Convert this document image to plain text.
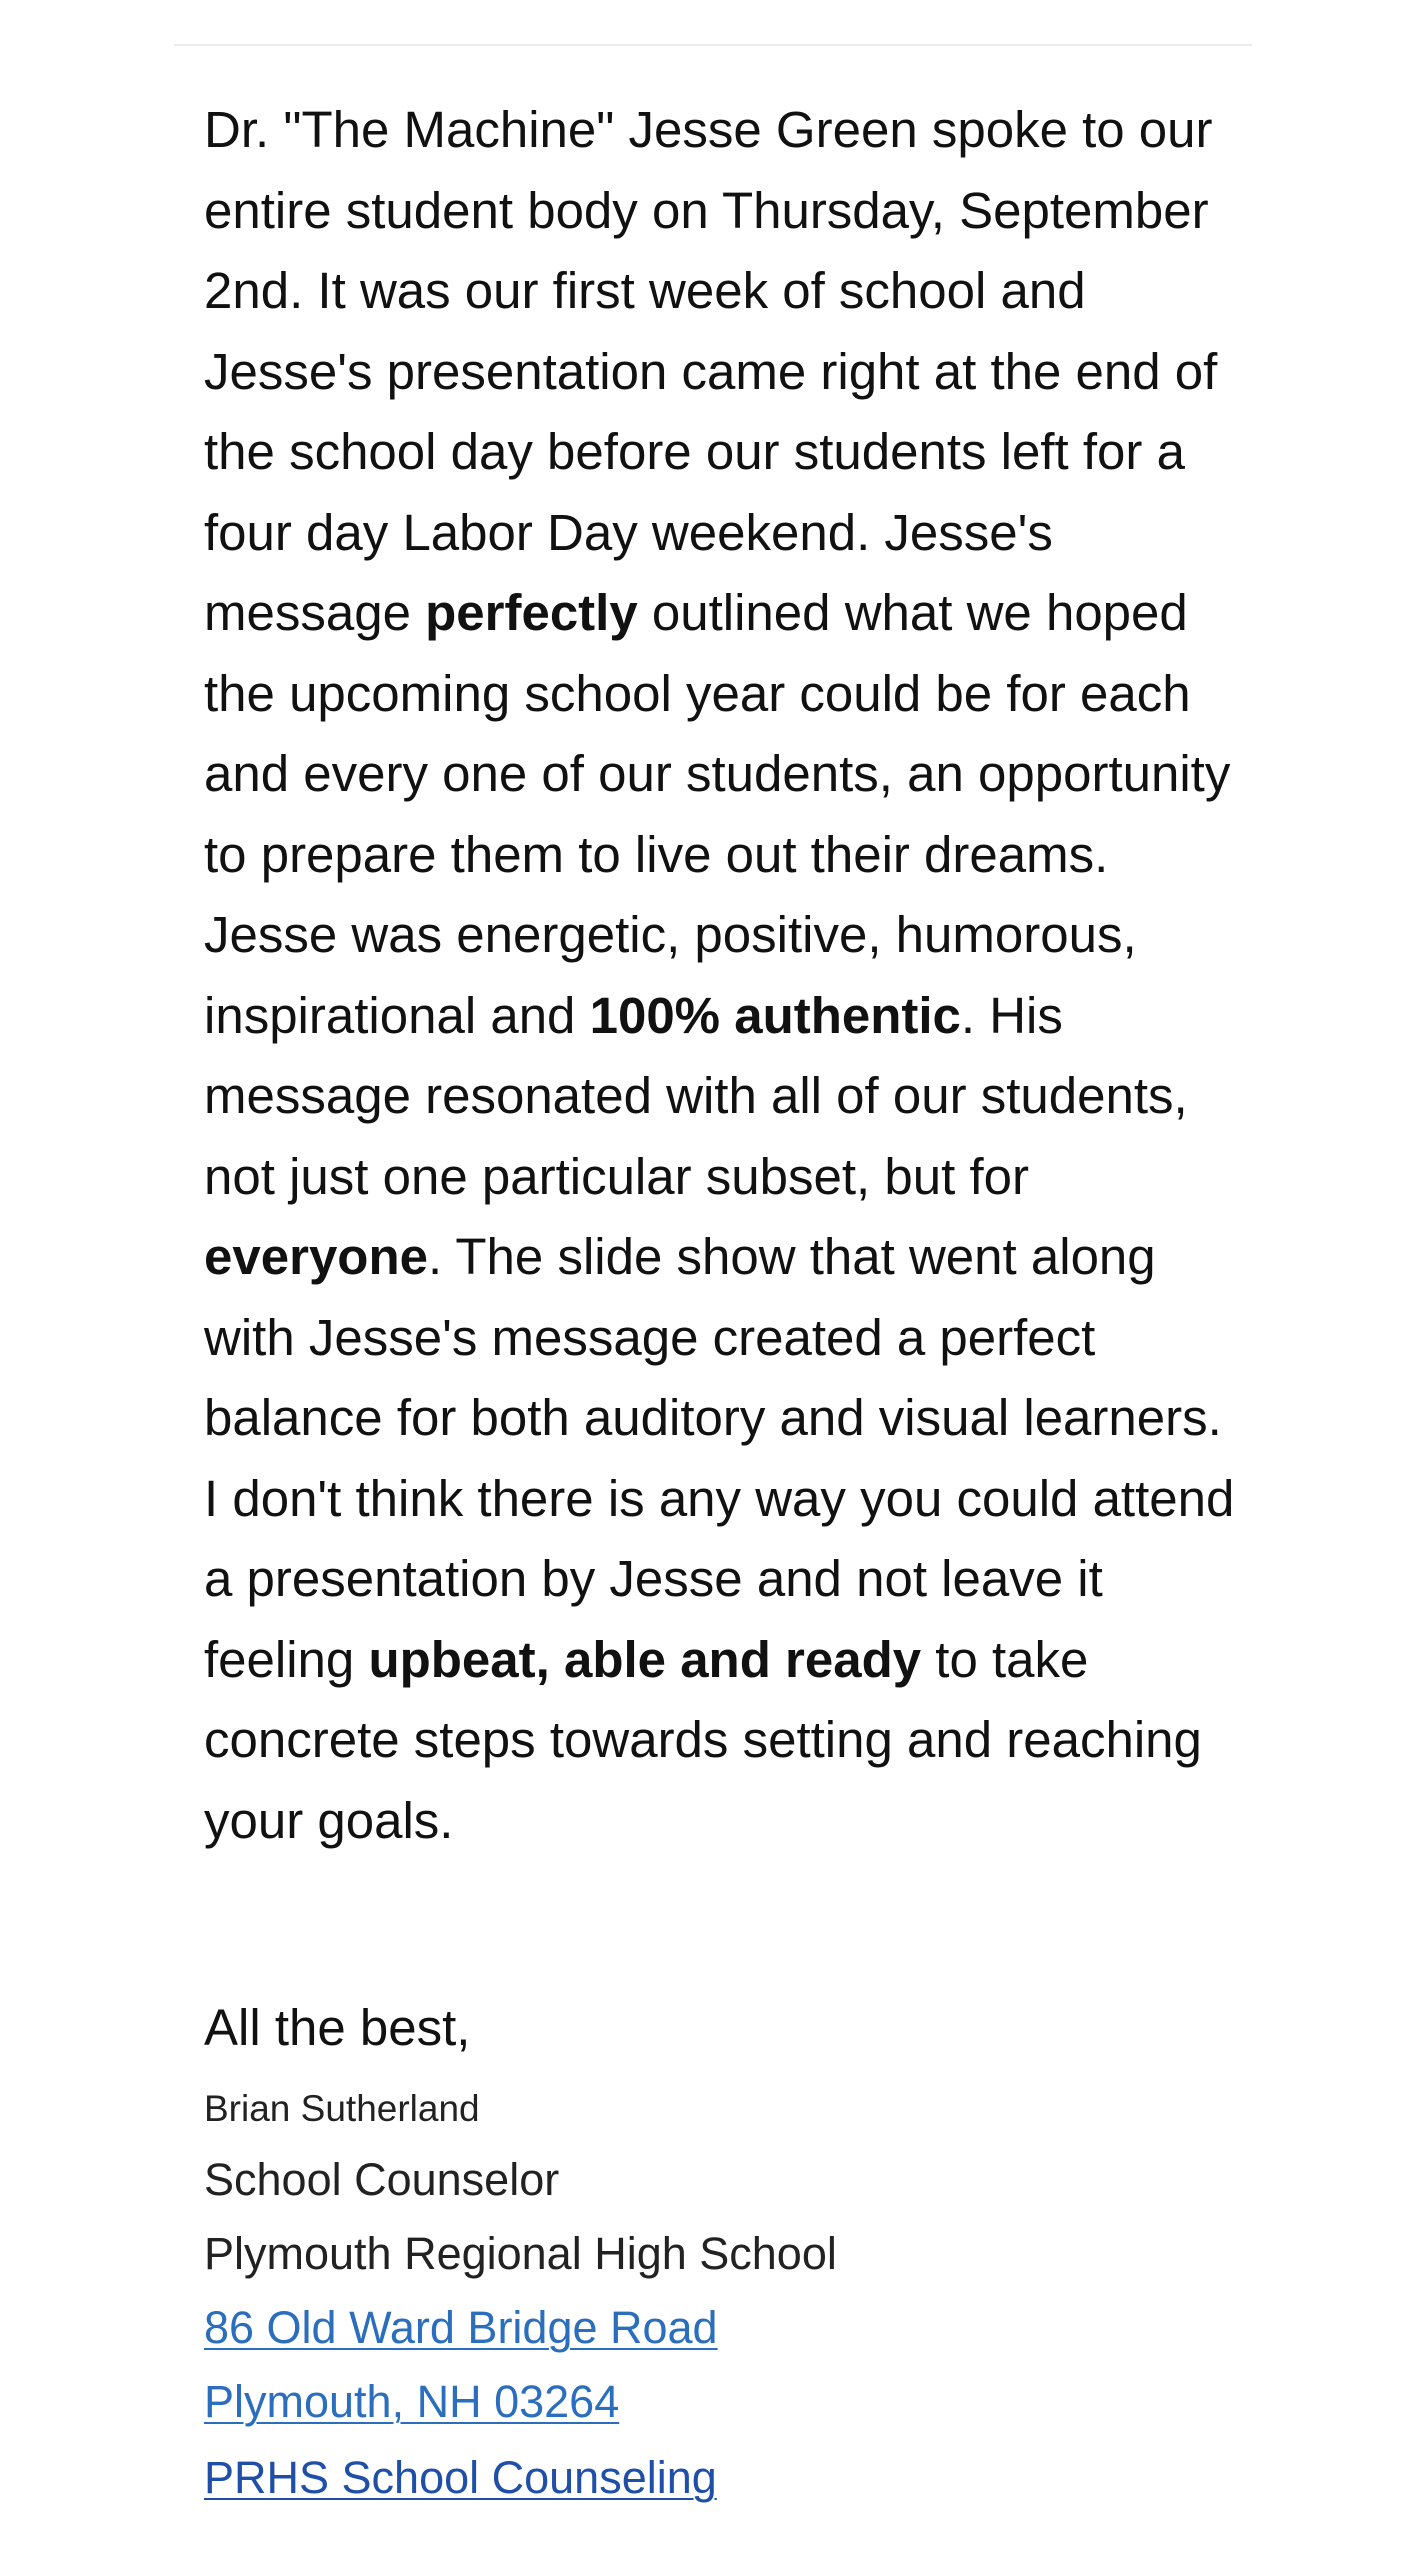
Dr. "The Machine" Jesse Green spoke to our entire student body on Thursday, September 2nd. It was our first week of school and Jesse's presentation came right at the end of the school day before our students left for a four day Labor Day weekend. Jesse's message perfectly outlined what we hoped the upcoming school year could be for each and every one of our students, an opportunity to prepare them to live out their dreams. Jesse was energetic, positive, humorous, inspirational and 100% authentic. His message resonated with all of our students, not just one particular subset, but for everyone. The slide show that went along with Jesse's message created a perfect balance for both auditory and visual learners. I don't think there is any way you could attend a presentation by Jesse and not leave it feeling upbeat, able and ready to take concrete steps towards setting and reaching your goals.
All the best,
Brian Sutherland
School Counselor
Plymouth Regional High School
86 Old Ward Bridge Road
Plymouth, NH 03264
PRHS School Counseling
